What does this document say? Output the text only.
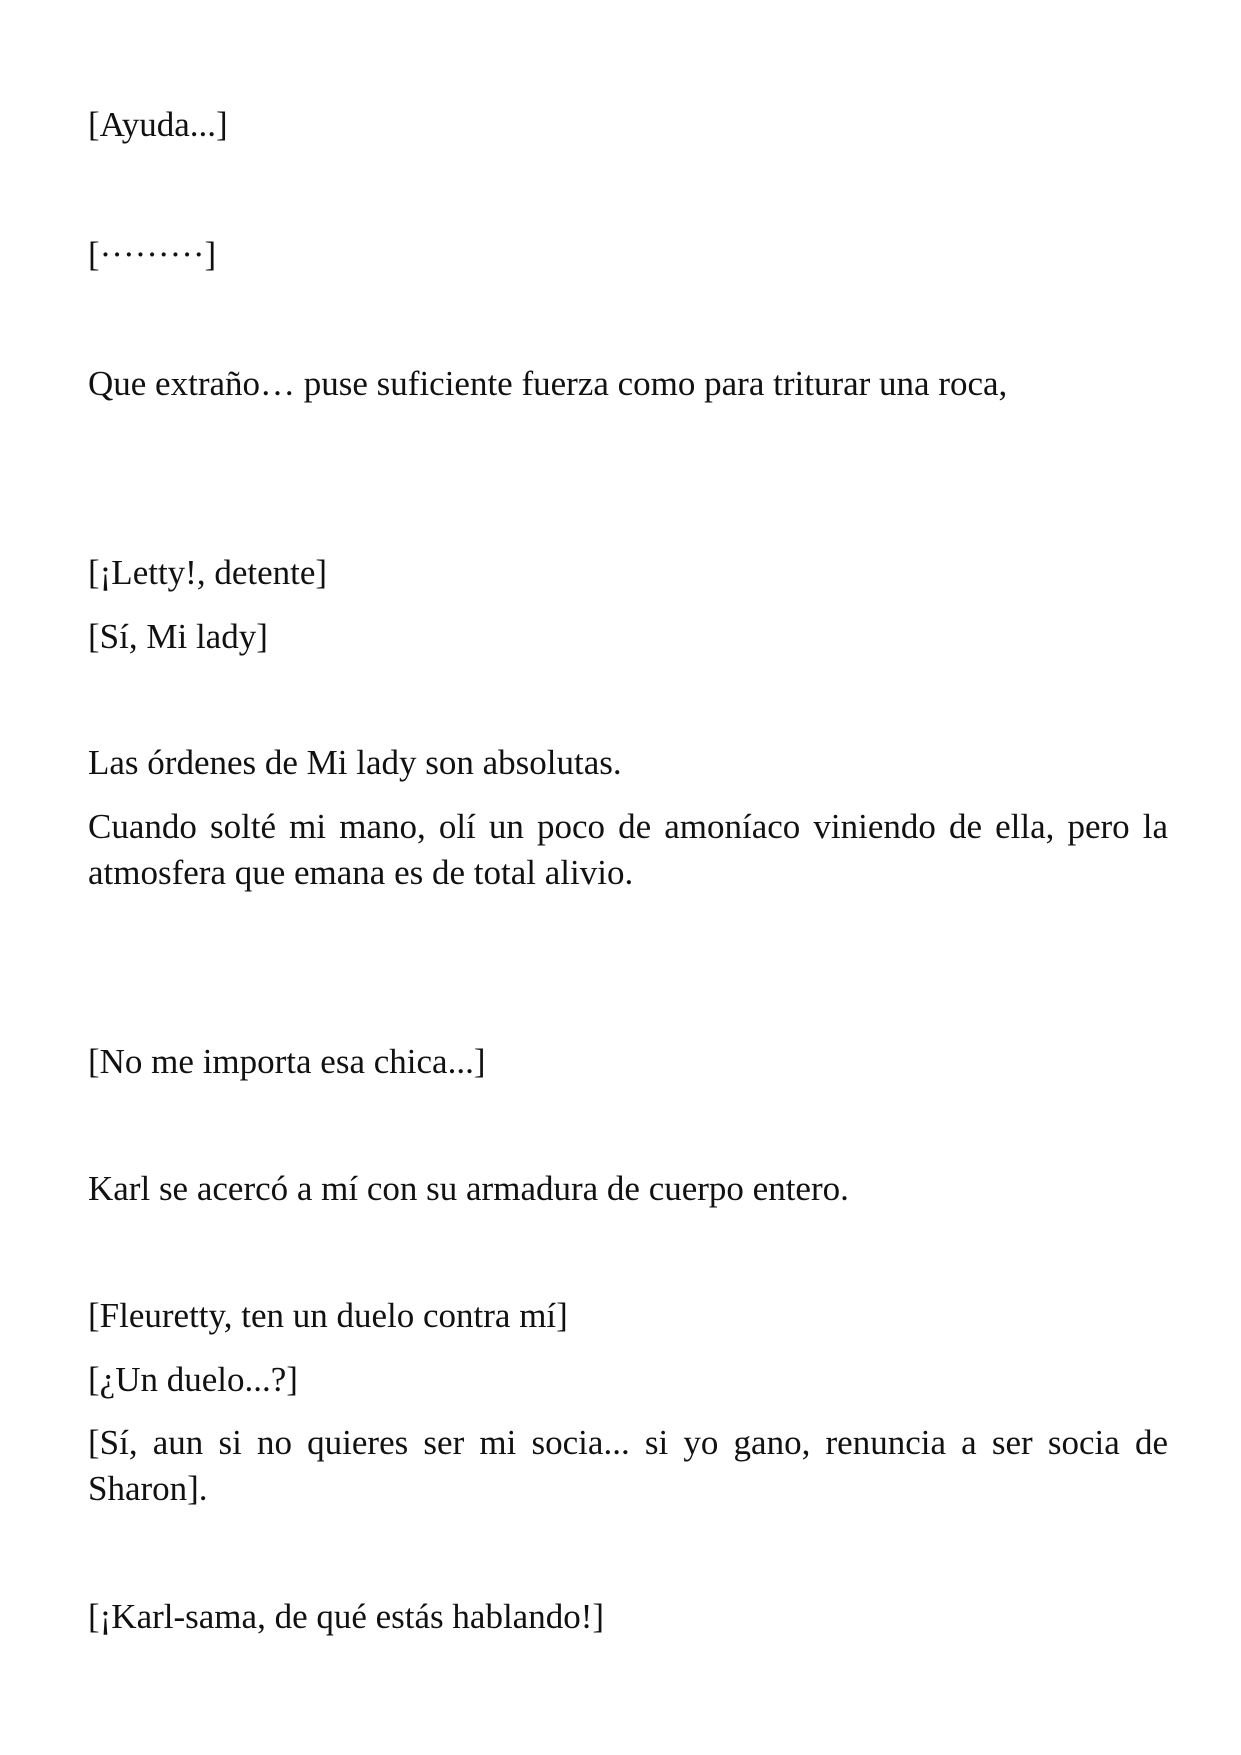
[Ayuda...]

[·········]

Que extraño… puse suficiente fuerza como para triturar una roca,

[¡Letty!, detente]

[Sí, Mi lady]

Las órdenes de Mi lady son absolutas.

Cuando solté mi mano, olí un poco de amoníaco viniendo de ella, pero la atmosfera que emana es de total alivio.

[No me importa esa chica...]

Karl se acercó a mí con su armadura de cuerpo entero.

[Fleuretty, ten un duelo contra mí]

[¿Un duelo...?]

[Sí, aun si no quieres ser mi socia... si yo gano, renuncia a ser socia de Sharon].

[¡Karl-sama, de qué estás hablando!]
